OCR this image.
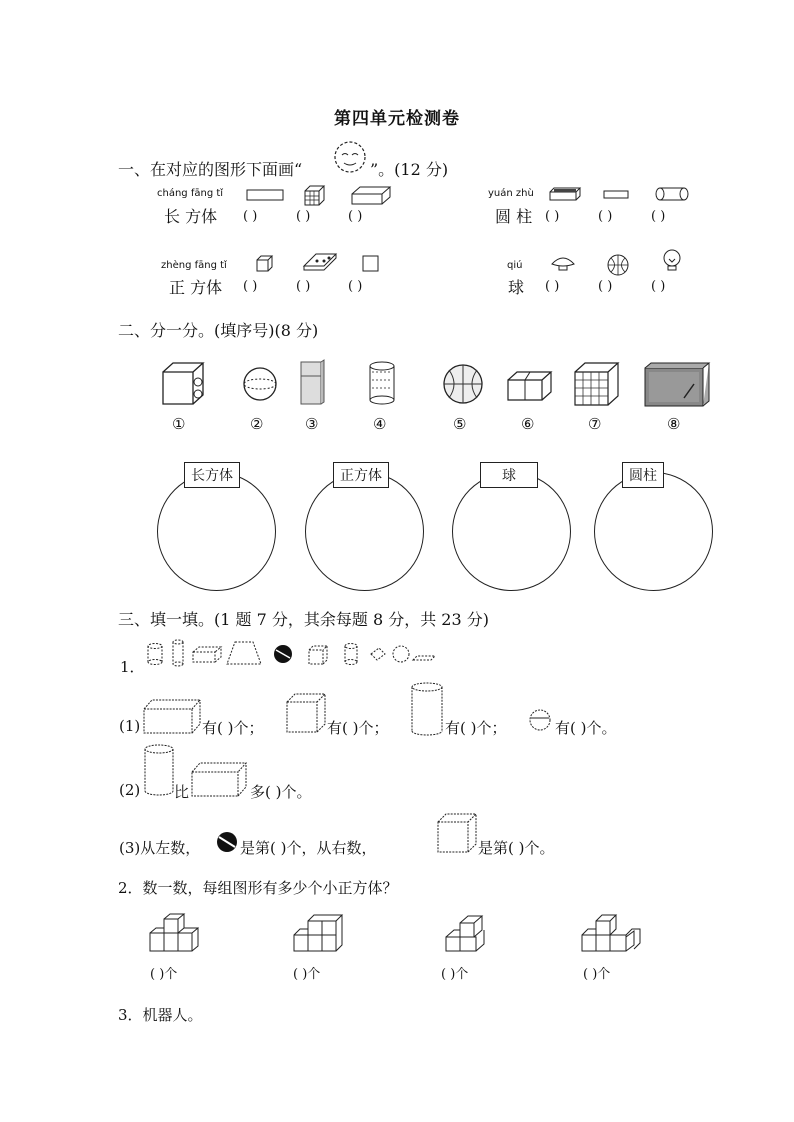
第四单元检测卷
一、在对应的图形下面画“	”。(12 分)
cháng fāng tǐ
长 方体 ( )	( )	( )
yuán zhù
圆 柱 ( )	( )	( )
zhèng fāng tǐ
正 方体 ( )	( )	( )
qiú
球 ( )	( )	( )
二、分一分。(填序号)(8 分)
①	②	③	④	⑤	⑥	⑦	⑧
长方体	正方体	球	圆柱
三、填一填。(1 题 7 分，其余每题 8 分，共 23 分)
1．
(1)	有( )个；	有( )个；	有( )个；	有( )个。
(2) 比	多( )个。
(3)从左数，	是第( )个，从右数，	是第( )个。
2．数一数，每组图形有多少个小正方体？
( )个	( )个	( )个	( )个
3．机器人。
